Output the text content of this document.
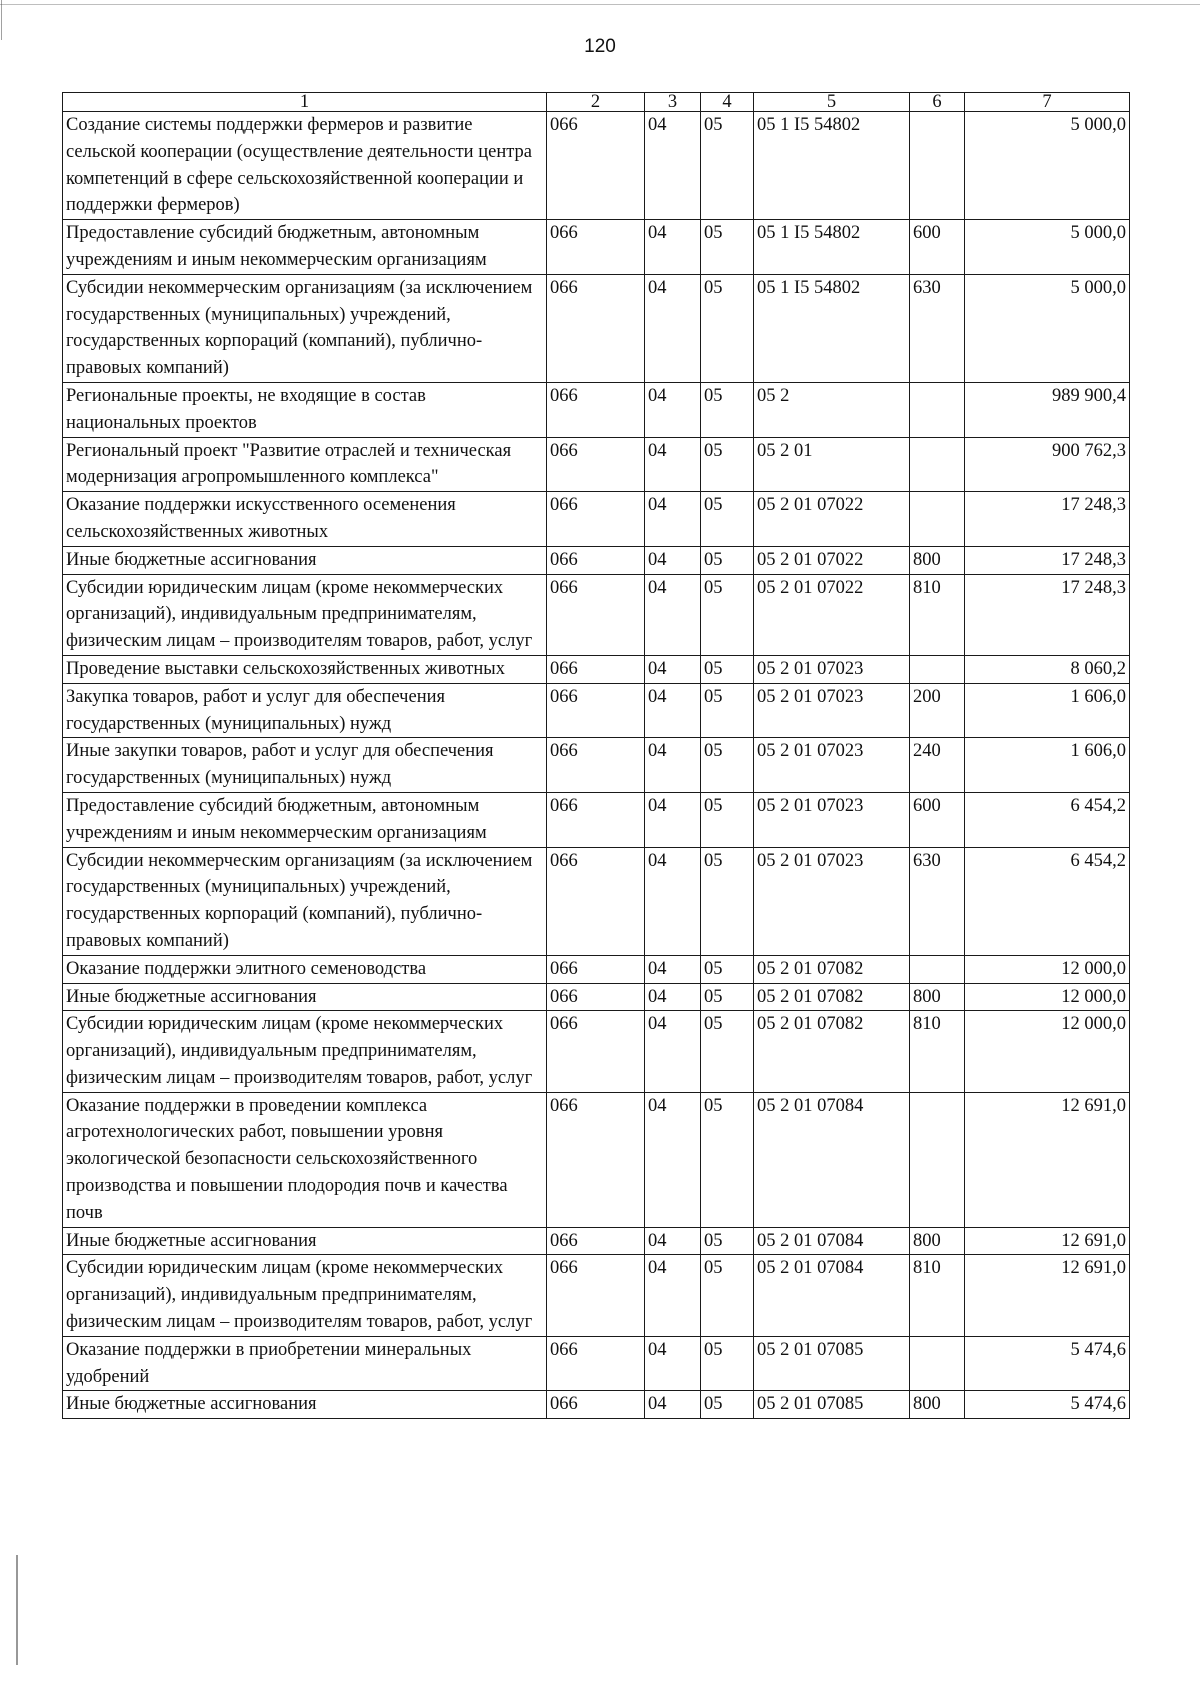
120
1	2	3	4	5	6	7
Создание системы поддержки фермеров и развитие сельской кооперации (осуществление деятельности центра компетенций в сфере сельскохозяйственной кооперации и поддержки фермеров)	066	04	05	05 1 I5 54802		5 000,0
Предоставление субсидий бюджетным, автономным учреждениям и иным некоммерческим организациям	066	04	05	05 1 I5 54802	600	5 000,0
Субсидии некоммерческим организациям (за исключением государственных (муниципальных) учреждений, государственных корпораций (компаний), публично-правовых компаний)	066	04	05	05 1 I5 54802	630	5 000,0
Региональные проекты, не входящие в состав национальных проектов	066	04	05	05 2		989 900,4
Региональный проект "Развитие отраслей и техническая модернизация агропромышленного комплекса"	066	04	05	05 2 01		900 762,3
Оказание поддержки искусственного осеменения сельскохозяйственных животных	066	04	05	05 2 01 07022		17 248,3
Иные бюджетные ассигнования	066	04	05	05 2 01 07022	800	17 248,3
Субсидии юридическим лицам (кроме некоммерческих организаций), индивидуальным предпринимателям, физическим лицам – производителям товаров, работ, услуг	066	04	05	05 2 01 07022	810	17 248,3
Проведение выставки сельскохозяйственных животных	066	04	05	05 2 01 07023		8 060,2
Закупка товаров, работ и услуг для обеспечения государственных (муниципальных) нужд	066	04	05	05 2 01 07023	200	1 606,0
Иные закупки товаров, работ и услуг для обеспечения государственных (муниципальных) нужд	066	04	05	05 2 01 07023	240	1 606,0
Предоставление субсидий бюджетным, автономным учреждениям и иным некоммерческим организациям	066	04	05	05 2 01 07023	600	6 454,2
Субсидии некоммерческим организациям (за исключением государственных (муниципальных) учреждений, государственных корпораций (компаний), публично-правовых компаний)	066	04	05	05 2 01 07023	630	6 454,2
Оказание поддержки элитного семеноводства	066	04	05	05 2 01 07082		12 000,0
Иные бюджетные ассигнования	066	04	05	05 2 01 07082	800	12 000,0
Субсидии юридическим лицам (кроме некоммерческих организаций), индивидуальным предпринимателям, физическим лицам – производителям товаров, работ, услуг	066	04	05	05 2 01 07082	810	12 000,0
Оказание поддержки в проведении комплекса агротехнологических работ, повышении уровня экологической безопасности сельскохозяйственного производства и повышении плодородия почв и качества почв	066	04	05	05 2 01 07084		12 691,0
Иные бюджетные ассигнования	066	04	05	05 2 01 07084	800	12 691,0
Субсидии юридическим лицам (кроме некоммерческих организаций), индивидуальным предпринимателям, физическим лицам – производителям товаров, работ, услуг	066	04	05	05 2 01 07084	810	12 691,0
Оказание поддержки в приобретении минеральных удобрений	066	04	05	05 2 01 07085		5 474,6
Иные бюджетные ассигнования	066	04	05	05 2 01 07085	800	5 474,6
